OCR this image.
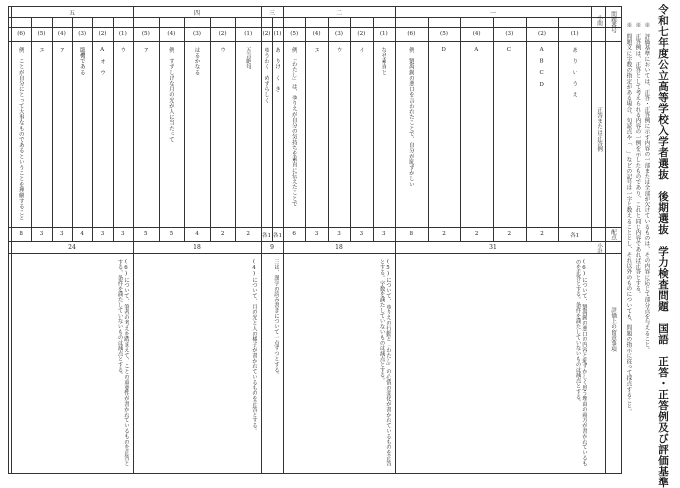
令和七年度公立高等学校入学者選抜　後期選抜　学力検査問題　国語　正答・正答例及び評価基準
※ 評価基準においては、正答・正答例に示す内容の一部または全部が欠けているものは、その内容に応じて部分点を与えること。
※ 正答例は、正答として考えられる内容の一例を示したものであり、これと同じ内容であれば正答とする。
※ 問題文に字数の指定がある場合、句読点や「　」などの記号は一字と数えることとし、それ以外のものについても、問題の指示に従って採点すること。
問題番号
小問
正答または正答例
配点
小計
評価上の留意事項
一
(1)
あ　り　い　う　え
各1
(2)
A　B　C　D
2
(3)
C
2
(4)
A
2
(5)
D
2
(6)
例　劉禹錫の悪口を言われたことで、自分が恥ずかしい
8
31
(6)について、劉禹錫の悪口の内容と恥ずかしく思う理由の両方が書かれているものを正答とする。条件を満たしていないものは減点とする。
二
(1)
なぜ素直と
3
(2)
イ
3
(3)
ウ
3
(4)
エ
3
(5)
例　「わたし」は、ゆりえが自分の気持ちを素直に伝えたことで
6
18
(5)について、ゆりえの行動と「わたし」の心情の変化が書かれているものを正答とする。字数を満たしていないものは減点とする。
三
(1)
あ　りけ　く　き
各1
(2)
ゆうわく　めずらしく
各1
9
三は、漢字の読み書きについて一点ずつとする。
四
(1)
五言絶句
2
(2)
ウ
2
(3)
はるかなる
4
(4)
例　すずしげな月の光が人に当たって
5
(5)
ア
5
18
(4)について、月の光と人の様子が書かれているものを正答とする。
五
(1)
ウ
3
(2)
A　オ　ウ
3
(3)
臨機である
4
(4)
ア
3
(5)
エ
3
(6)
例　ことが自分にとって大事なものであるということを理解すること
8
24
(6)について、筆者の考えを踏まえて、ことの重要性が書かれているものを正答とする。条件を満たしていないものは減点とする。
